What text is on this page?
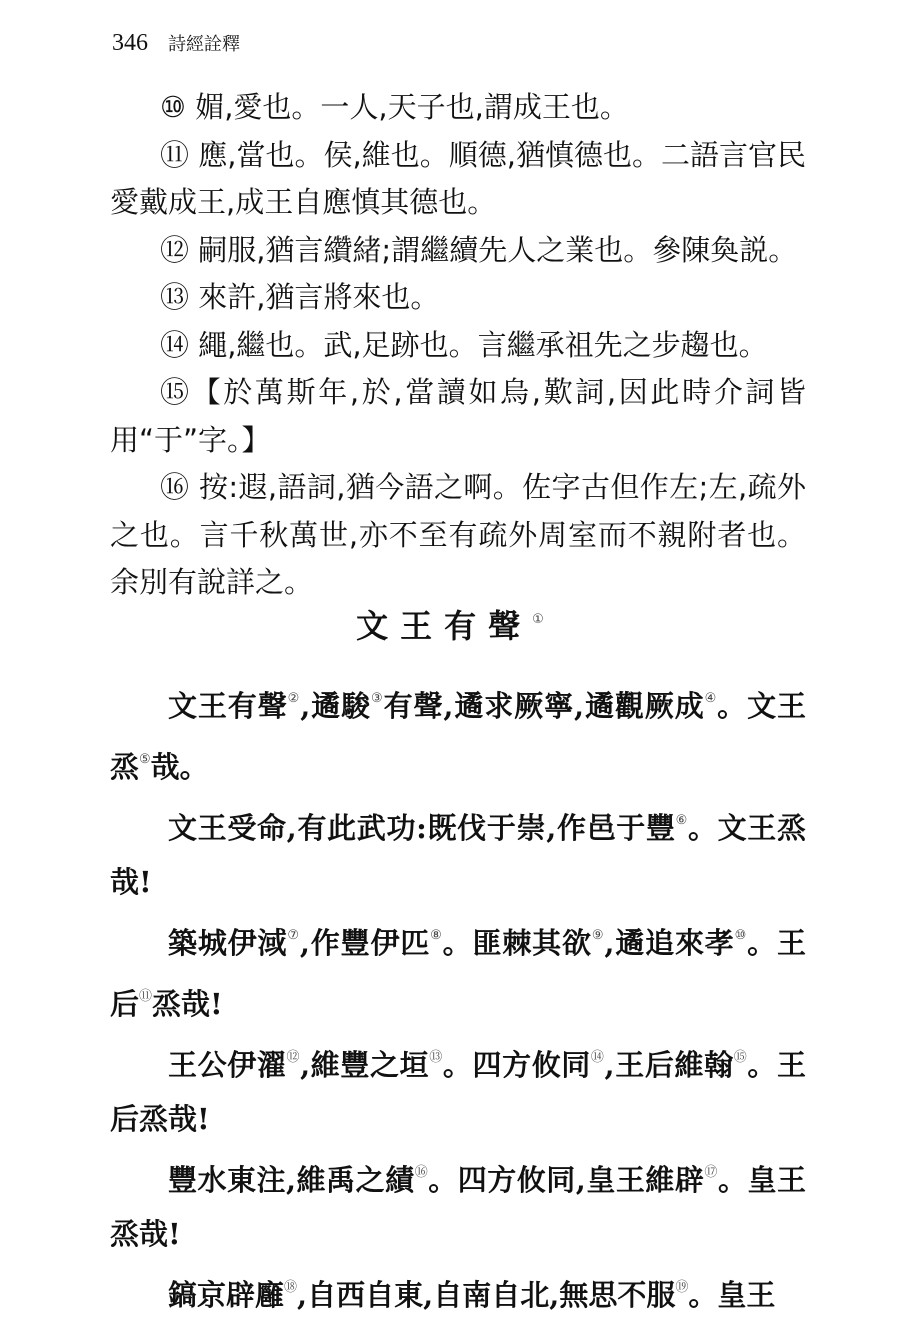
346 詩經詮釋

⑩ 媚,愛也。一人,天子也,謂成王也。

⑪ 應,當也。侯,維也。順德,猶慎德也。二語言官民愛戴成王,成王自應慎其德也。

⑫ 嗣服,猶言纘緒;謂繼續先人之業也。參陳奐説。

⑬ 來許,猶言將來也。

⑭ 繩,繼也。武,足跡也。言繼承祖先之步趨也。

⑮【於萬斯年,於,當讀如烏,歎詞,因此時介詞皆用“于”字。】

⑯ 按:遐,語詞,猶今語之啊。佐字古但作左;左,疏外之也。言千秋萬世,亦不至有疏外周室而不親附者也。余別有說詳之。

文王有聲①

文王有聲②,遹駿③有聲,遹求厥寧,遹觀厥成④。文王烝⑤哉。

文王受命,有此武功:既伐于崇,作邑于豐⑥。文王烝哉!

築城伊淢⑦,作豐伊匹⑧。匪棘其欲⑨,遹追來孝⑩。王后⑪烝哉!

王公伊濯⑫,維豐之垣⑬。四方攸同⑭,王后維翰⑮。王后烝哉!

豐水東注,維禹之績⑯。四方攸同,皇王維辟⑰。皇王烝哉!

鎬京辟廱⑱,自西自東,自南自北,無思不服⑲。皇王
